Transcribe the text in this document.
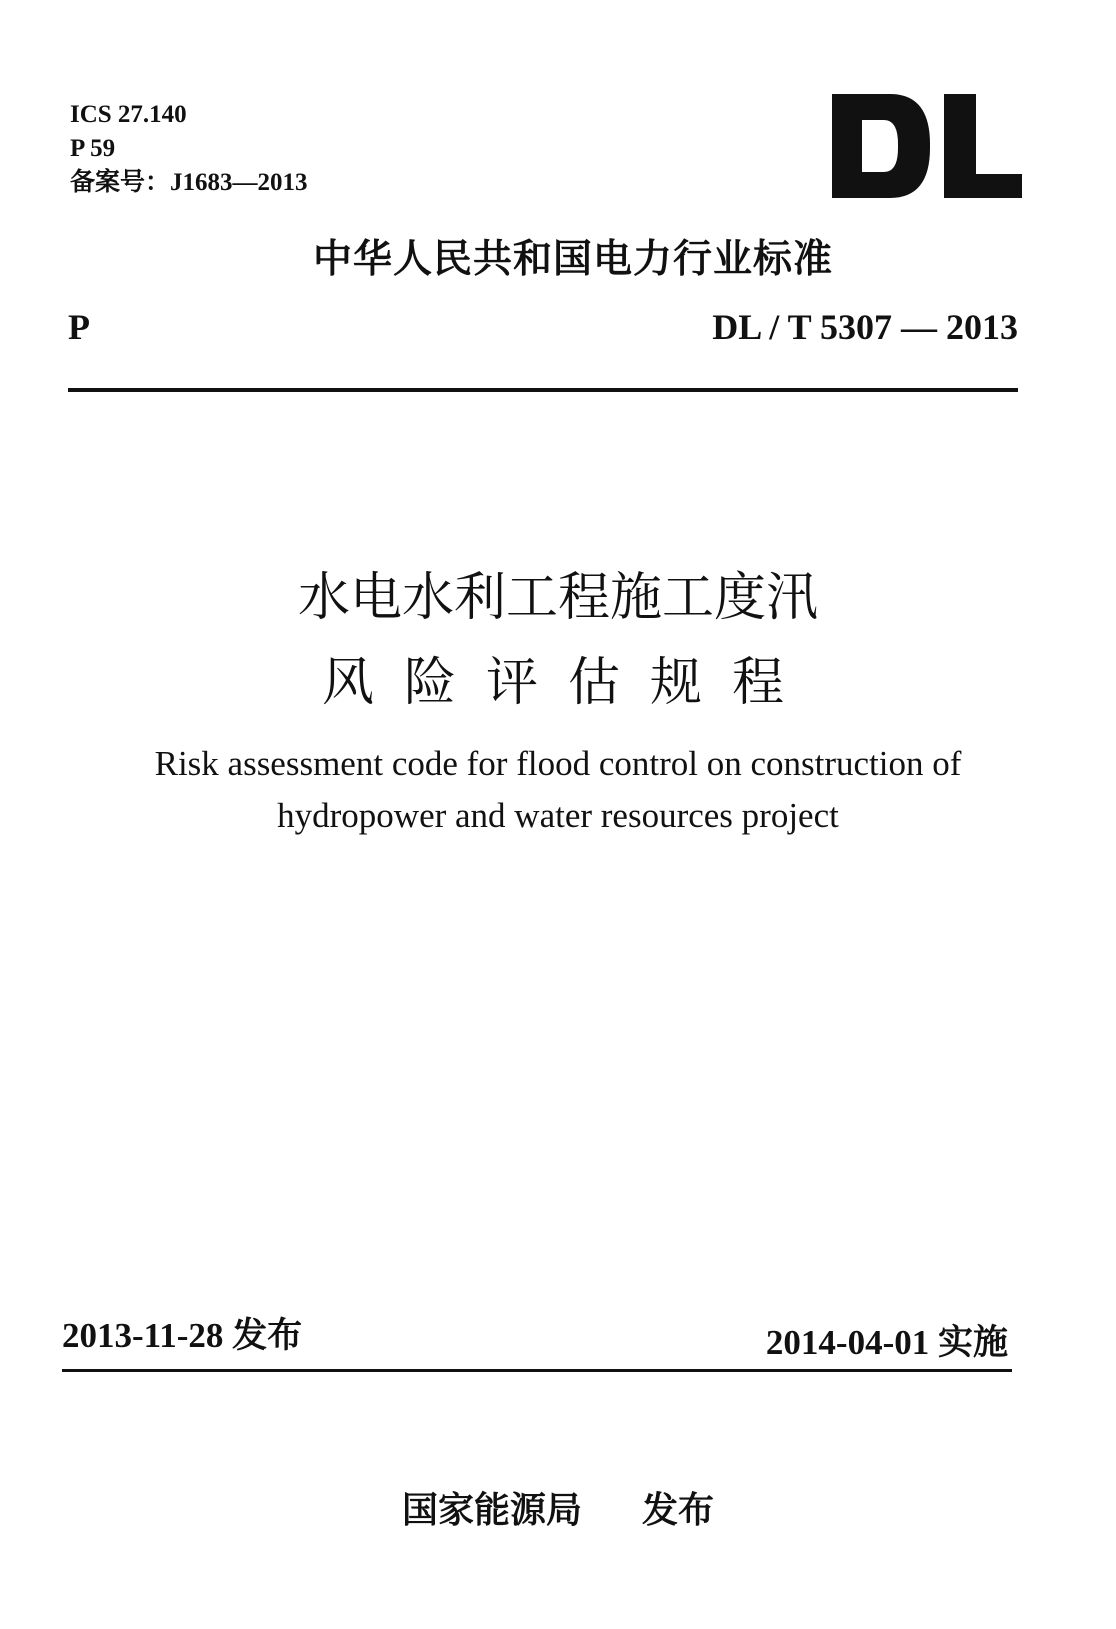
ICS 27.140
P 59
备案号：J1683—2013
中华人民共和国电力行业标准
P	DL / T 5307 — 2013
水电水利工程施工度汛
风险评估规程
Risk assessment code for flood control on construction of
hydropower and water resources project
2013-11-28 发布	2014-04-01 实施
国家能源局 发布
